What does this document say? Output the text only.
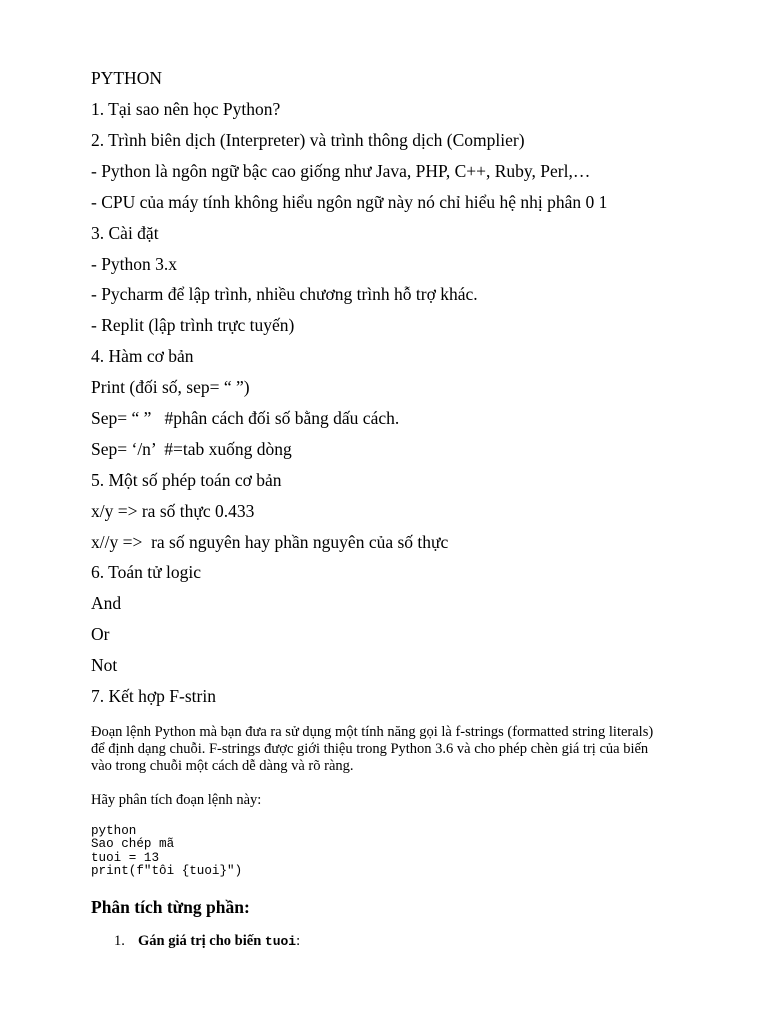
PYTHON
1. Tại sao nên học Python?
2. Trình biên dịch (Interpreter) và trình thông dịch (Complier)
- Python là ngôn ngữ bậc cao giống như Java, PHP, C++, Ruby, Perl,…
- CPU của máy tính không hiểu ngôn ngữ này nó chỉ hiểu hệ nhị phân 0 1
3. Cài đặt
- Python 3.x
- Pycharm để lập trình, nhiều chương trình hỗ trợ khác.
- Replit (lập trình trực tuyến)
4. Hàm cơ bản
Print (đối số, sep= “ ”)
Sep= “ ”   #phân cách đối số bằng dấu cách.
Sep= ‘/n’  #=tab xuống dòng
5. Một số phép toán cơ bản
x/y => ra số thực 0.433
x//y =>  ra số nguyên hay phần nguyên của số thực
6. Toán tử logic
And
Or
Not
7. Kết hợp F-strin
Đoạn lệnh Python mà bạn đưa ra sử dụng một tính năng gọi là f-strings (formatted string literals)
để định dạng chuỗi. F-strings được giới thiệu trong Python 3.6 và cho phép chèn giá trị của biến
vào trong chuỗi một cách dễ dàng và rõ ràng.
Hãy phân tích đoạn lệnh này:
python
Sao chép mã
tuoi = 13
print(f"tôi {tuoi}")
Phân tích từng phần:
1. Gán giá trị cho biến tuoi:
